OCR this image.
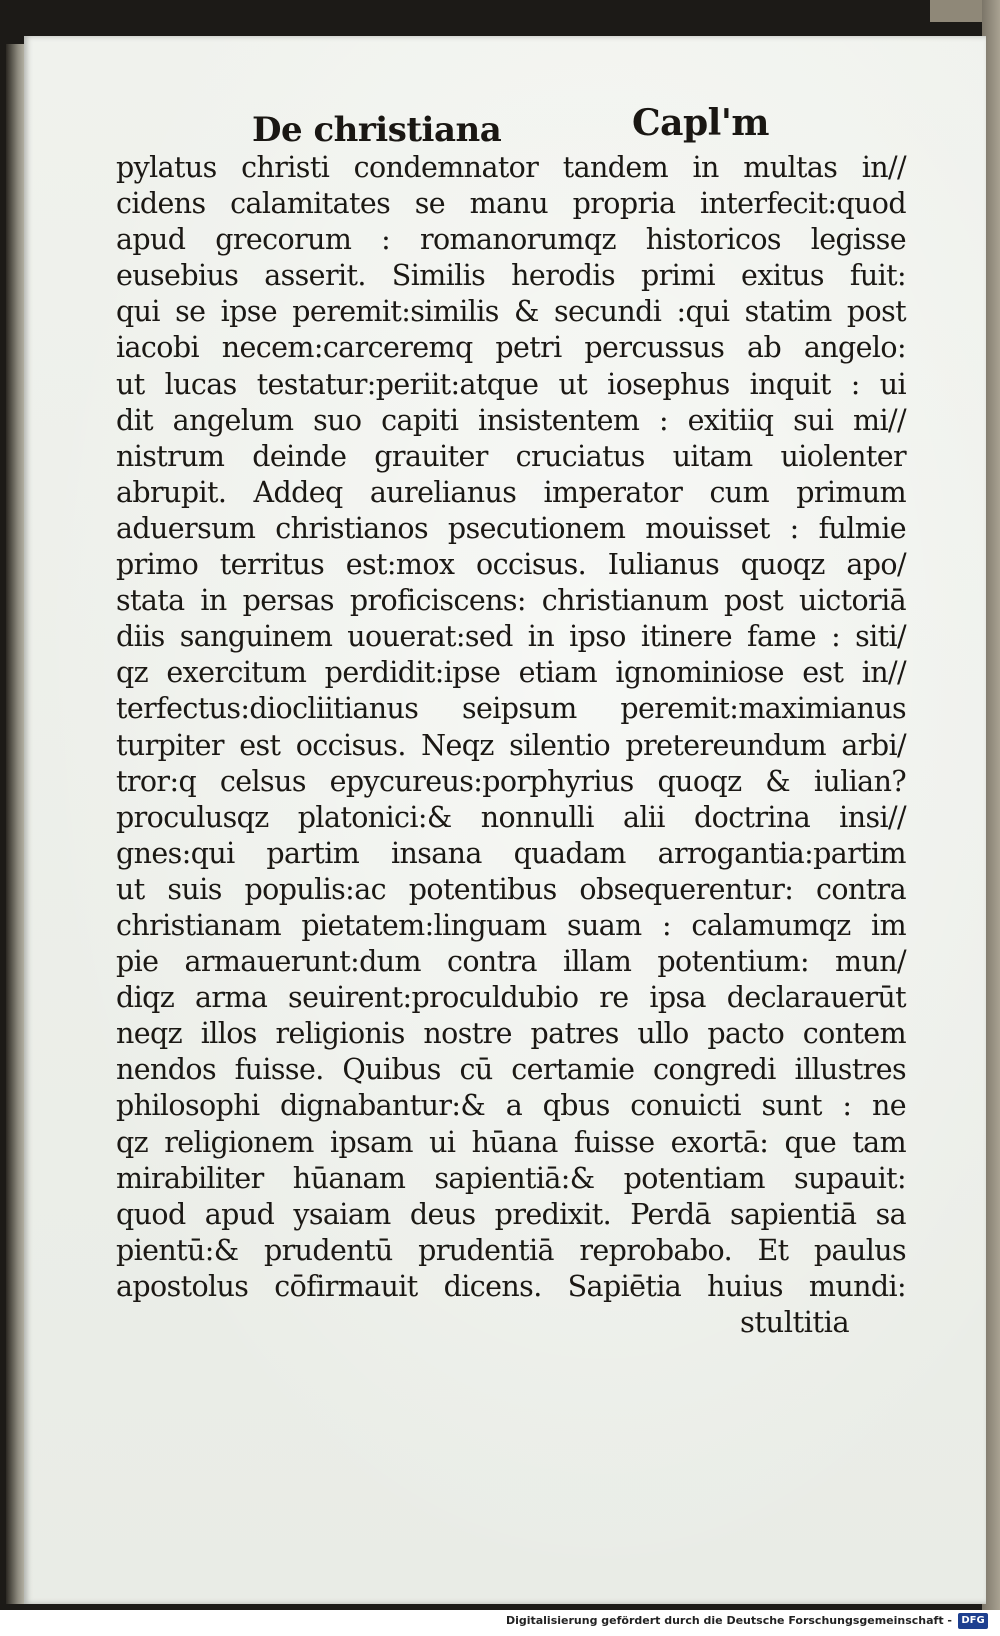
De christiana	Capl'm
pylatus christi condemnator tandem in multas in//
cidens calamitates se manu propria interfecit:quod
apud grecorum : romanorumqz historicos legisse
eusebius asserit. Similis herodis primi exitus fuit:
qui se ipse peremit:similis & secundi :qui statim post
iacobi necem:carceremq petri percussus ab angelo:
ut lucas testatur:periit:atque ut iosephus inquit : ui
dit angelum suo capiti insistentem : exitiiq sui mi//
nistrum deinde grauiter cruciatus uitam uiolenter
abrupit. Addeq aurelianus imperator cum primum
aduersum christianos psecutionem mouisset : fulmie
primo territus est:mox occisus. Iulianus quoqz apo/
stata in persas proficiscens: christianum post uictoriā
diis sanguinem uouerat:sed in ipso itinere fame : siti/
qz exercitum perdidit:ipse etiam ignominiose est in//
terfectus:diocliitianus seipsum peremit:maximianus
turpiter est occisus. Neqz silentio pretereundum arbi/
tror:q celsus epycureus:porphyrius quoqz & iulian?
proculusqz platonici:& nonnulli alii doctrina insi//
gnes:qui partim insana quadam arrogantia:partim
ut suis populis:ac potentibus obsequerentur: contra
christianam pietatem:linguam suam : calamumqz im
pie armauerunt:dum contra illam potentium: mun/
diqz arma seuirent:proculdubio re ipsa declarauerūt
neqz illos religionis nostre patres ullo pacto contem
nendos fuisse. Quibus cū certamie congredi illustres
philosophi dignabantur:& a qbus conuicti sunt : ne
qz religionem ipsam ui hūana fuisse exortā: que tam
mirabiliter hūanam sapientiā:& potentiam supauit:
quod apud ysaiam deus predixit. Perdā sapientiā sa
pientū:& prudentū prudentiā reprobabo. Et paulus
apostolus cōfirmauit dicens. Sapiētia huius mundi:
stultitia
Digitalisierung gefördert durch die Deutsche Forschungsgemeinschaft - DFG
